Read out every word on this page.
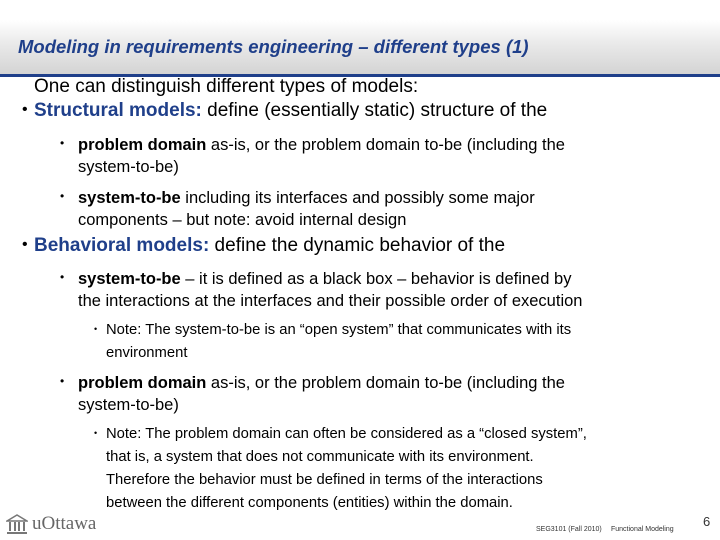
Modeling in requirements engineering – different types (1)
One can distinguish different types of models:
• Structural models: define (essentially static) structure of the
• problem domain as-is, or the problem domain to-be (including the
system-to-be)
• system-to-be including its interfaces and possibly some major
components – but note: avoid internal design
• Behavioral models: define the dynamic behavior of the
• system-to-be – it is defined as a black box – behavior is defined by
the interactions at the interfaces and their possible order of execution
• Note: The system-to-be is an “open system” that communicates with its
environment
• problem domain as-is, or the problem domain to-be (including the
system-to-be)
• Note: The problem domain can often be considered as a “closed system”,
that is, a system that does not communicate with its environment.
Therefore the behavior must be defined in terms of the interactions
between the different components (entities) within the domain.
uOttawa	SEG3101 (Fall 2010) Functional Modeling
6
